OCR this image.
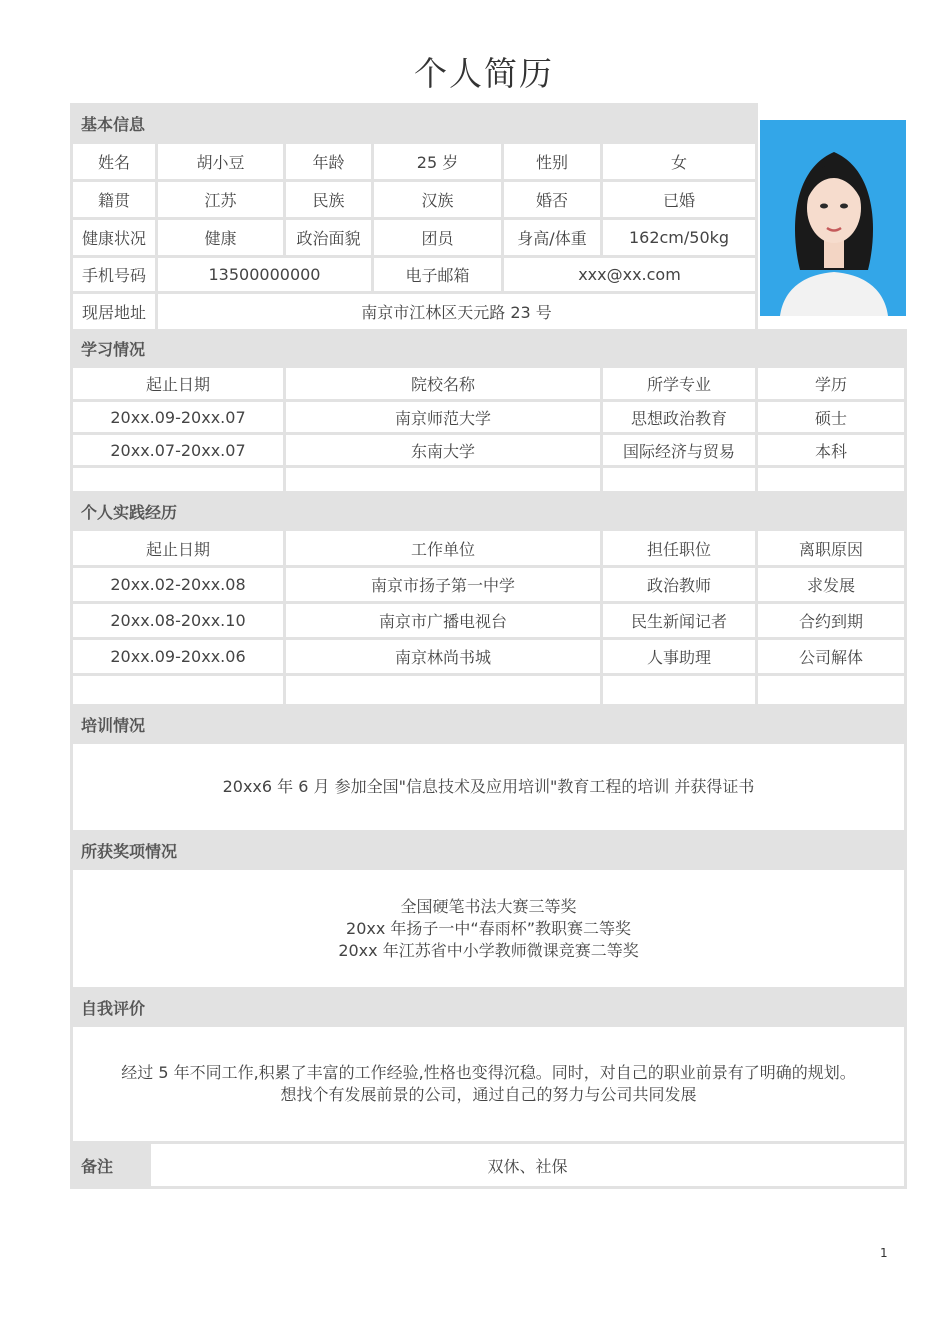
个人简历
基本信息	

姓名	胡小豆	年龄	25 岁	性别	女	
籍贯	江苏	民族	汉族	婚否	已婚	
健康状况	健康	政治面貌	团员	身高/体重	162cm/50kg	
手机号码	13500000000		电子邮箱	xxx@xx.com		
现居地址	南京市江林区天元路 23 号					
学习情况			
起止日期	院校名称	所学专业	学历
20xx.09-20xx.07	南京师范大学	思想政治教育	硕士
20xx.07-20xx.07	东南大学	国际经济与贸易	本科

个人实践经历			
起止日期	工作单位	担任职位	离职原因
20xx.02-20xx.08	南京市扬子第一中学	政治教师	求发展
20xx.08-20xx.10	南京市广播电视台	民生新闻记者	合约到期
20xx.09-20xx.06	南京林尚书城	人事助理	公司解体

培训情况
20xx6 年 6 月 参加全国"信息技术及应用培训"教育工程的培训 并获得证书
所获奖项情况

全国硬笔书法大赛三等奖
20xx 年扬子一中“春雨杯”教职赛二等奖
20xx 年江苏省中小学教师微课竞赛二等奖

自我评价

经过 5 年不同工作,积累了丰富的工作经验,性格也变得沉稳。同时，对自己的职业前景有了明确的规划。
想找个有发展前景的公司，通过自己的努力与公司共同发展

备注	双休、社保
1
